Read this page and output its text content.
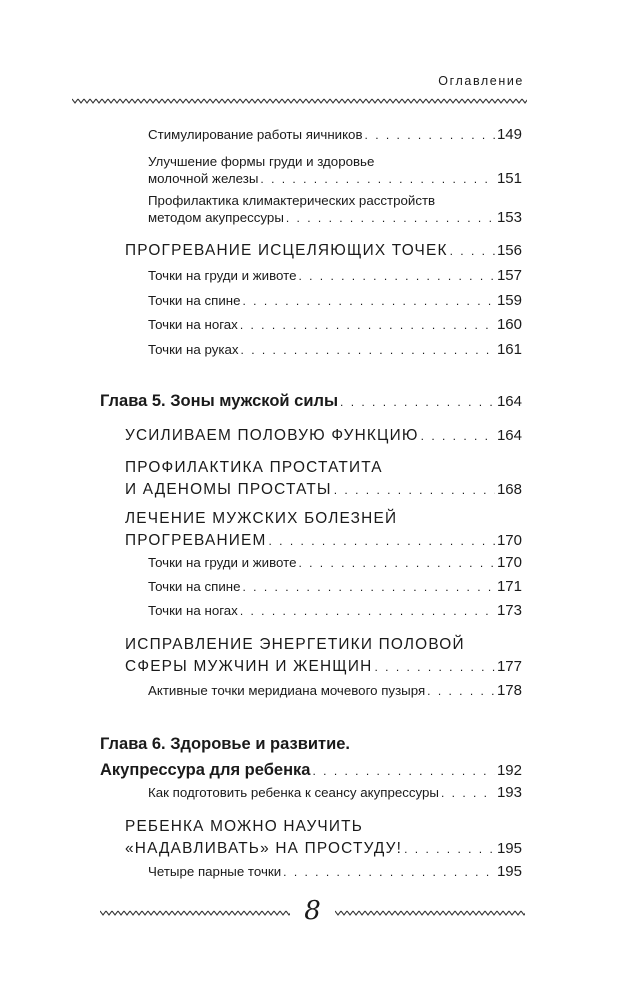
Оглавление
Стимулирование работы яичников . . .	149
Улучшение формы груди и здоровье
молочной железы . . .	151
Профилактика климактерических расстройств
методом акупрессуры . . .	153
ПРОГРЕВАНИЕ ИСЦЕЛЯЮЩИХ ТОЧЕК . . .	156
Точки на груди и животе . . .	157
Точки на спине . . .	159
Точки на ногах . . .	160
Точки на руках . . .	161
Глава 5. Зоны мужской силы . . .	164
УСИЛИВАЕМ ПОЛОВУЮ ФУНКЦИЮ . . .	164
ПРОФИЛАКТИКА ПРОСТАТИТА
И АДЕНОМЫ ПРОСТАТЫ . . .	168
ЛЕЧЕНИЕ МУЖСКИХ БОЛЕЗНЕЙ
ПРОГРЕВАНИЕМ . . .	170
Точки на груди и животе . . .	170
Точки на спине . . .	171
Точки на ногах . . .	173
ИСПРАВЛЕНИЕ ЭНЕРГЕТИКИ ПОЛОВОЙ
СФЕРЫ МУЖЧИН И ЖЕНЩИН . . .	177
Активные точки меридиана мочевого пузыря . . .	178
Глава 6. Здоровье и развитие.
Акупрессура для ребенка . . .	192
Как подготовить ребенка к сеансу акупрессуры . . .	193
РЕБЕНКА МОЖНО НАУЧИТЬ
«НАДАВЛИВАТЬ» НА ПРОСТУДУ! . . .	195
Четыре парные точки . . .	195
8
